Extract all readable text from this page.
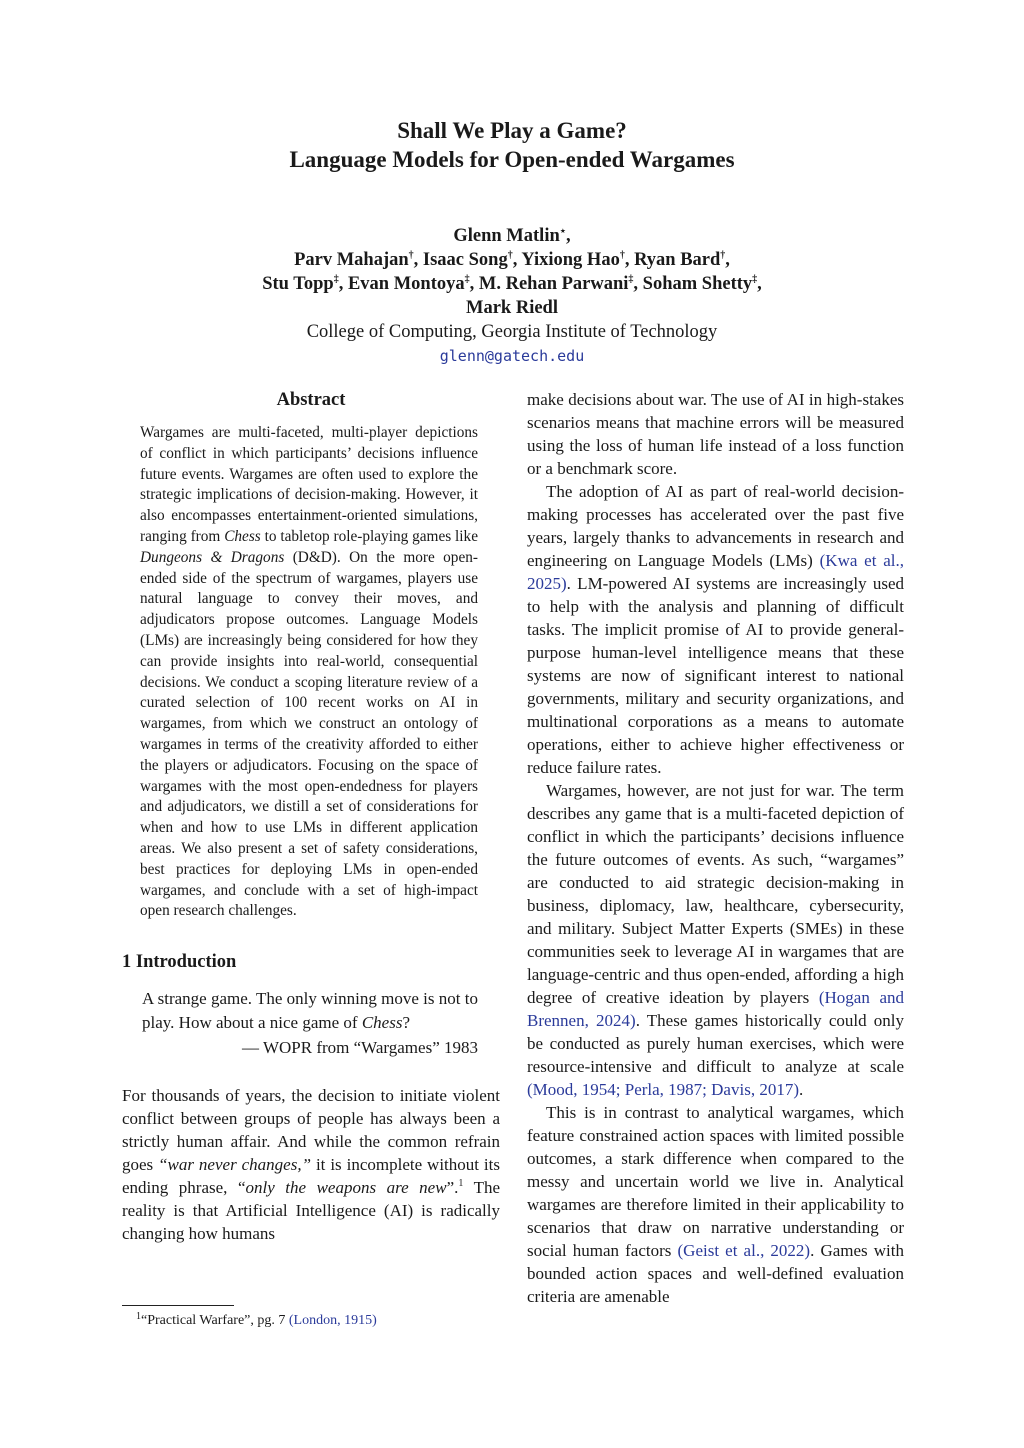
Shall We Play a Game?
Language Models for Open-ended Wargames
Glenn Matlin⋆,
Parv Mahajan†, Isaac Song†, Yixiong Hao†, Ryan Bard†,
Stu Topp‡, Evan Montoya‡, M. Rehan Parwani‡, Soham Shetty‡,
Mark Riedl
College of Computing, Georgia Institute of Technology
glenn@gatech.edu
Abstract

Wargames are multi-faceted, multi-player depictions of conflict in which participants’ decisions influence future events. Wargames are often used to explore the strategic implications of decision-making. However, it also encompasses entertainment-oriented simulations, ranging from Chess to tabletop role-playing games like Dungeons & Dragons (D&D). On the more open-ended side of the spectrum of wargames, players use natural language to convey their moves, and adjudicators propose outcomes. Language Models (LMs) are increasingly being considered for how they can provide insights into real-world, consequential decisions. We conduct a scoping literature review of a curated selection of 100 recent works on AI in wargames, from which we construct an ontology of wargames in terms of the creativity afforded to either the players or adjudicators. Focusing on the space of wargames with the most open-endedness for players and adjudicators, we distill a set of considerations for when and how to use LMs in different application areas. We also present a set of safety considerations, best practices for deploying LMs in open-ended wargames, and conclude with a set of high-impact open research challenges.

1 Introduction

A strange game. The only winning move is not to play. How about a nice game of Chess?

— WOPR from “Wargames” 1983

For thousands of years, the decision to initiate violent conflict between groups of people has always been a strictly human affair. And while the common refrain goes “war never changes,” it is incomplete without its ending phrase, “only the weapons are new”.$^1$ The reality is that Artificial Intelligence (AI) is radically changing how humans

make decisions about war. The use of AI in high-stakes scenarios means that machine errors will be measured using the loss of human life instead of a loss function or a benchmark score.

The adoption of AI as part of real-world decision-making processes has accelerated over the past five years, largely thanks to advancements in research and engineering on Language Models (LMs) (Kwa et al., 2025). LM-powered AI systems are increasingly used to help with the analysis and planning of difficult tasks. The implicit promise of AI to provide general-purpose human-level intelligence means that these systems are now of significant interest to national governments, military and security organizations, and multinational corporations as a means to automate operations, either to achieve higher effectiveness or reduce failure rates.

Wargames, however, are not just for war. The term describes any game that is a multi-faceted depiction of conflict in which the participants’ decisions influence the future outcomes of events. As such, “wargames” are conducted to aid strategic decision-making in business, diplomacy, law, healthcare, cybersecurity, and military. Subject Matter Experts (SMEs) in these communities seek to leverage AI in wargames that are language-centric and thus open-ended, affording a high degree of creative ideation by players (Hogan and Brennen, 2024). These games historically could only be conducted as purely human exercises, which were resource-intensive and difficult to analyze at scale (Mood, 1954; Perla, 1987; Davis, 2017).

This is in contrast to analytical wargames, which feature constrained action spaces with limited possible outcomes, a stark difference when compared to the messy and uncertain world we live in. Analytical wargames are therefore limited in their applicability to scenarios that draw on narrative understanding or social human factors (Geist et al., 2022). Games with bounded action spaces and well-defined evaluation criteria are amenable

$^1$“Practical Warfare”, pg. 7 (London, 1915)
